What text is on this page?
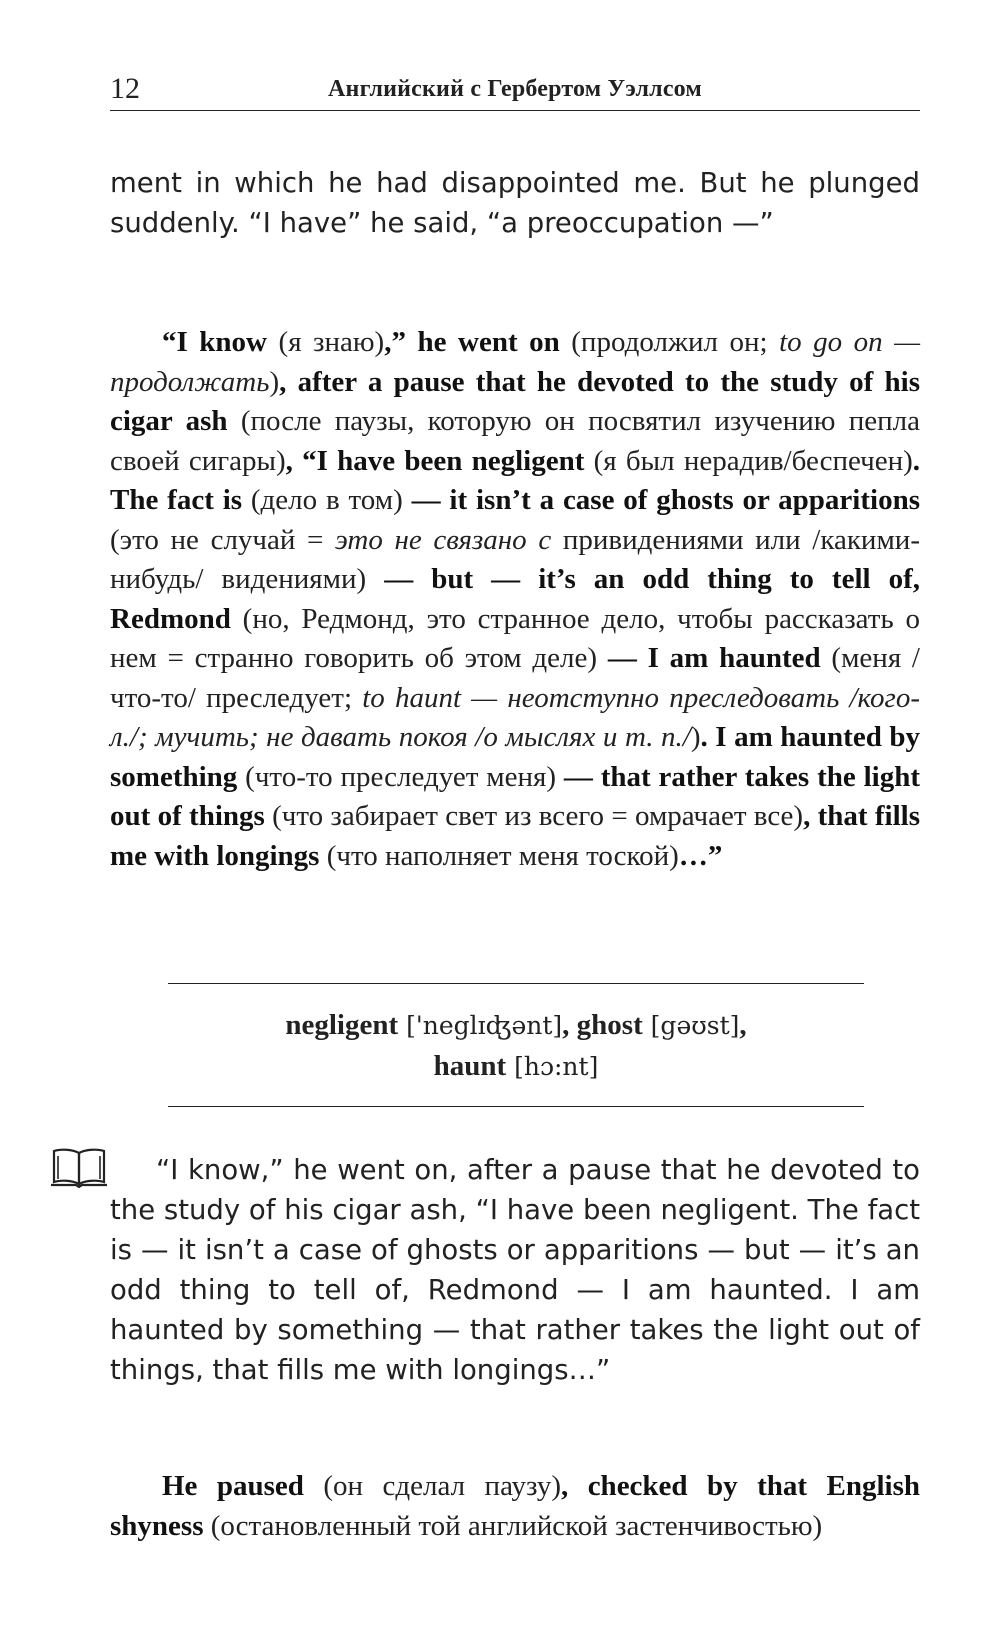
12	Английский с Гербертом Уэллсом

ment in which he had disappointed me. But he plunged suddenly. “I have” he said, “a preoccupation —”

“I know (я знаю),” he went on (продолжил он; to go on — продолжать), after a pause that he devoted to the study of his cigar ash (после паузы, которую он посвятил изучению пепла своей сигары), “I have been negligent (я был нерадив/беспечен). The fact is (дело в том) — it isn’t a case of ghosts or apparitions (это не случай = это не связано с привидениями или /какими-нибудь/ видениями) — but — it’s an odd thing to tell of, Redmond (но, Редмонд, это странное дело, чтобы рассказать о нем = странно говорить об этом деле) — I am haunted (меня /что-то/ преследует; to haunt — неотступно преследовать /кого-л./; мучить; не давать покоя /о мыслях и т. п./). I am haunted by something (что-то преследует меня) — that rather takes the light out of things (что забирает свет из всего = омрачает все), that fills me with longings (что наполняет меня тоской)…”

negligent ['neglɪʤənt], ghost [gəʊst],
haunt [hɔ:nt]

“I know,” he went on, after a pause that he devoted to the study of his cigar ash, “I have been negligent. The fact is — it isn’t a case of ghosts or apparitions — but — it’s an odd thing to tell of, Redmond — I am haunted. I am haunted by something — that rather takes the light out of things, that fills me with longings…”

He paused (он сделал паузу), checked by that English shyness (остановленный той английской застенчивостью)
